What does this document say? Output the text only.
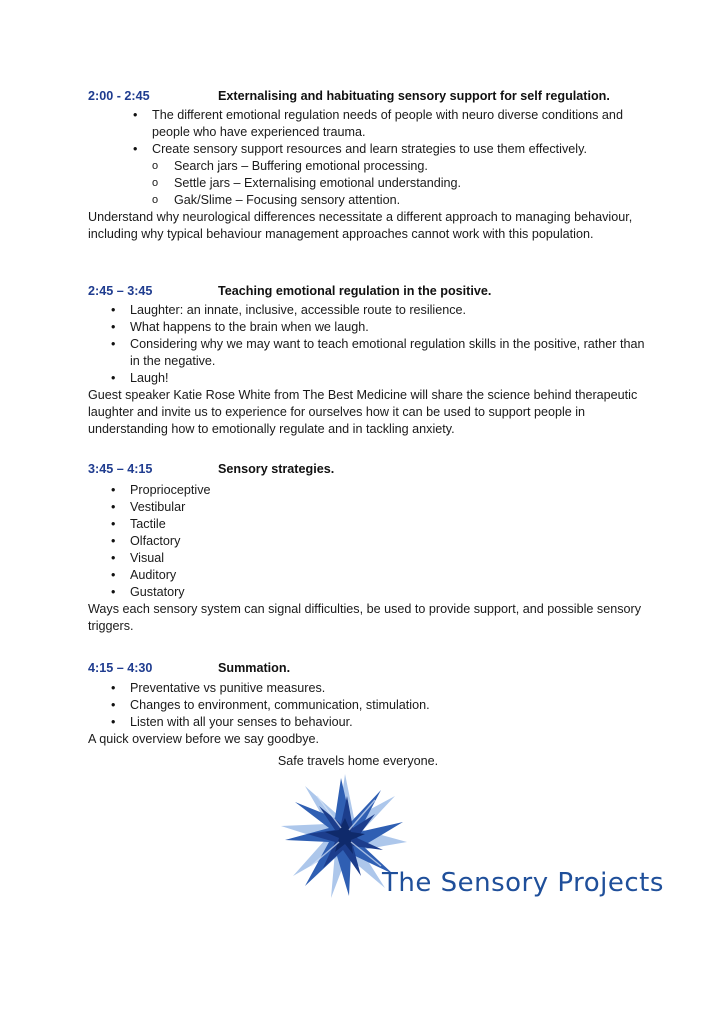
2:00 - 2:45	Externalising and habituating sensory support for self regulation.
• The different emotional regulation needs of people with neuro diverse conditions and people who have experienced trauma.
• Create sensory support resources and learn strategies to use them effectively.
o Search jars – Buffering emotional processing.
o Settle jars – Externalising emotional understanding.
o Gak/Slime – Focusing sensory attention.

Understand why neurological differences necessitate a different approach to managing behaviour, including why typical behaviour management approaches cannot work with this population.

2:45 – 3:45	Teaching emotional regulation in the positive.
• Laughter: an innate, inclusive, accessible route to resilience.
• What happens to the brain when we laugh.
• Considering why we may want to teach emotional regulation skills in the positive, rather than in the negative.
• Laugh!

Guest speaker Katie Rose White from The Best Medicine will share the science behind therapeutic laughter and invite us to experience for ourselves how it can be used to support people in understanding how to emotionally regulate and in tackling anxiety.

3:45 – 4:15	Sensory strategies.
• Proprioceptive
• Vestibular
• Tactile
• Olfactory
• Visual
• Auditory
• Gustatory

Ways each sensory system can signal difficulties, be used to provide support, and possible sensory triggers.

4:15 – 4:30	Summation.
• Preventative vs punitive measures.
• Changes to environment, communication, stimulation.
• Listen with all your senses to behaviour.

A quick overview before we say goodbye.

Safe travels home everyone.
The Sensory Projects
